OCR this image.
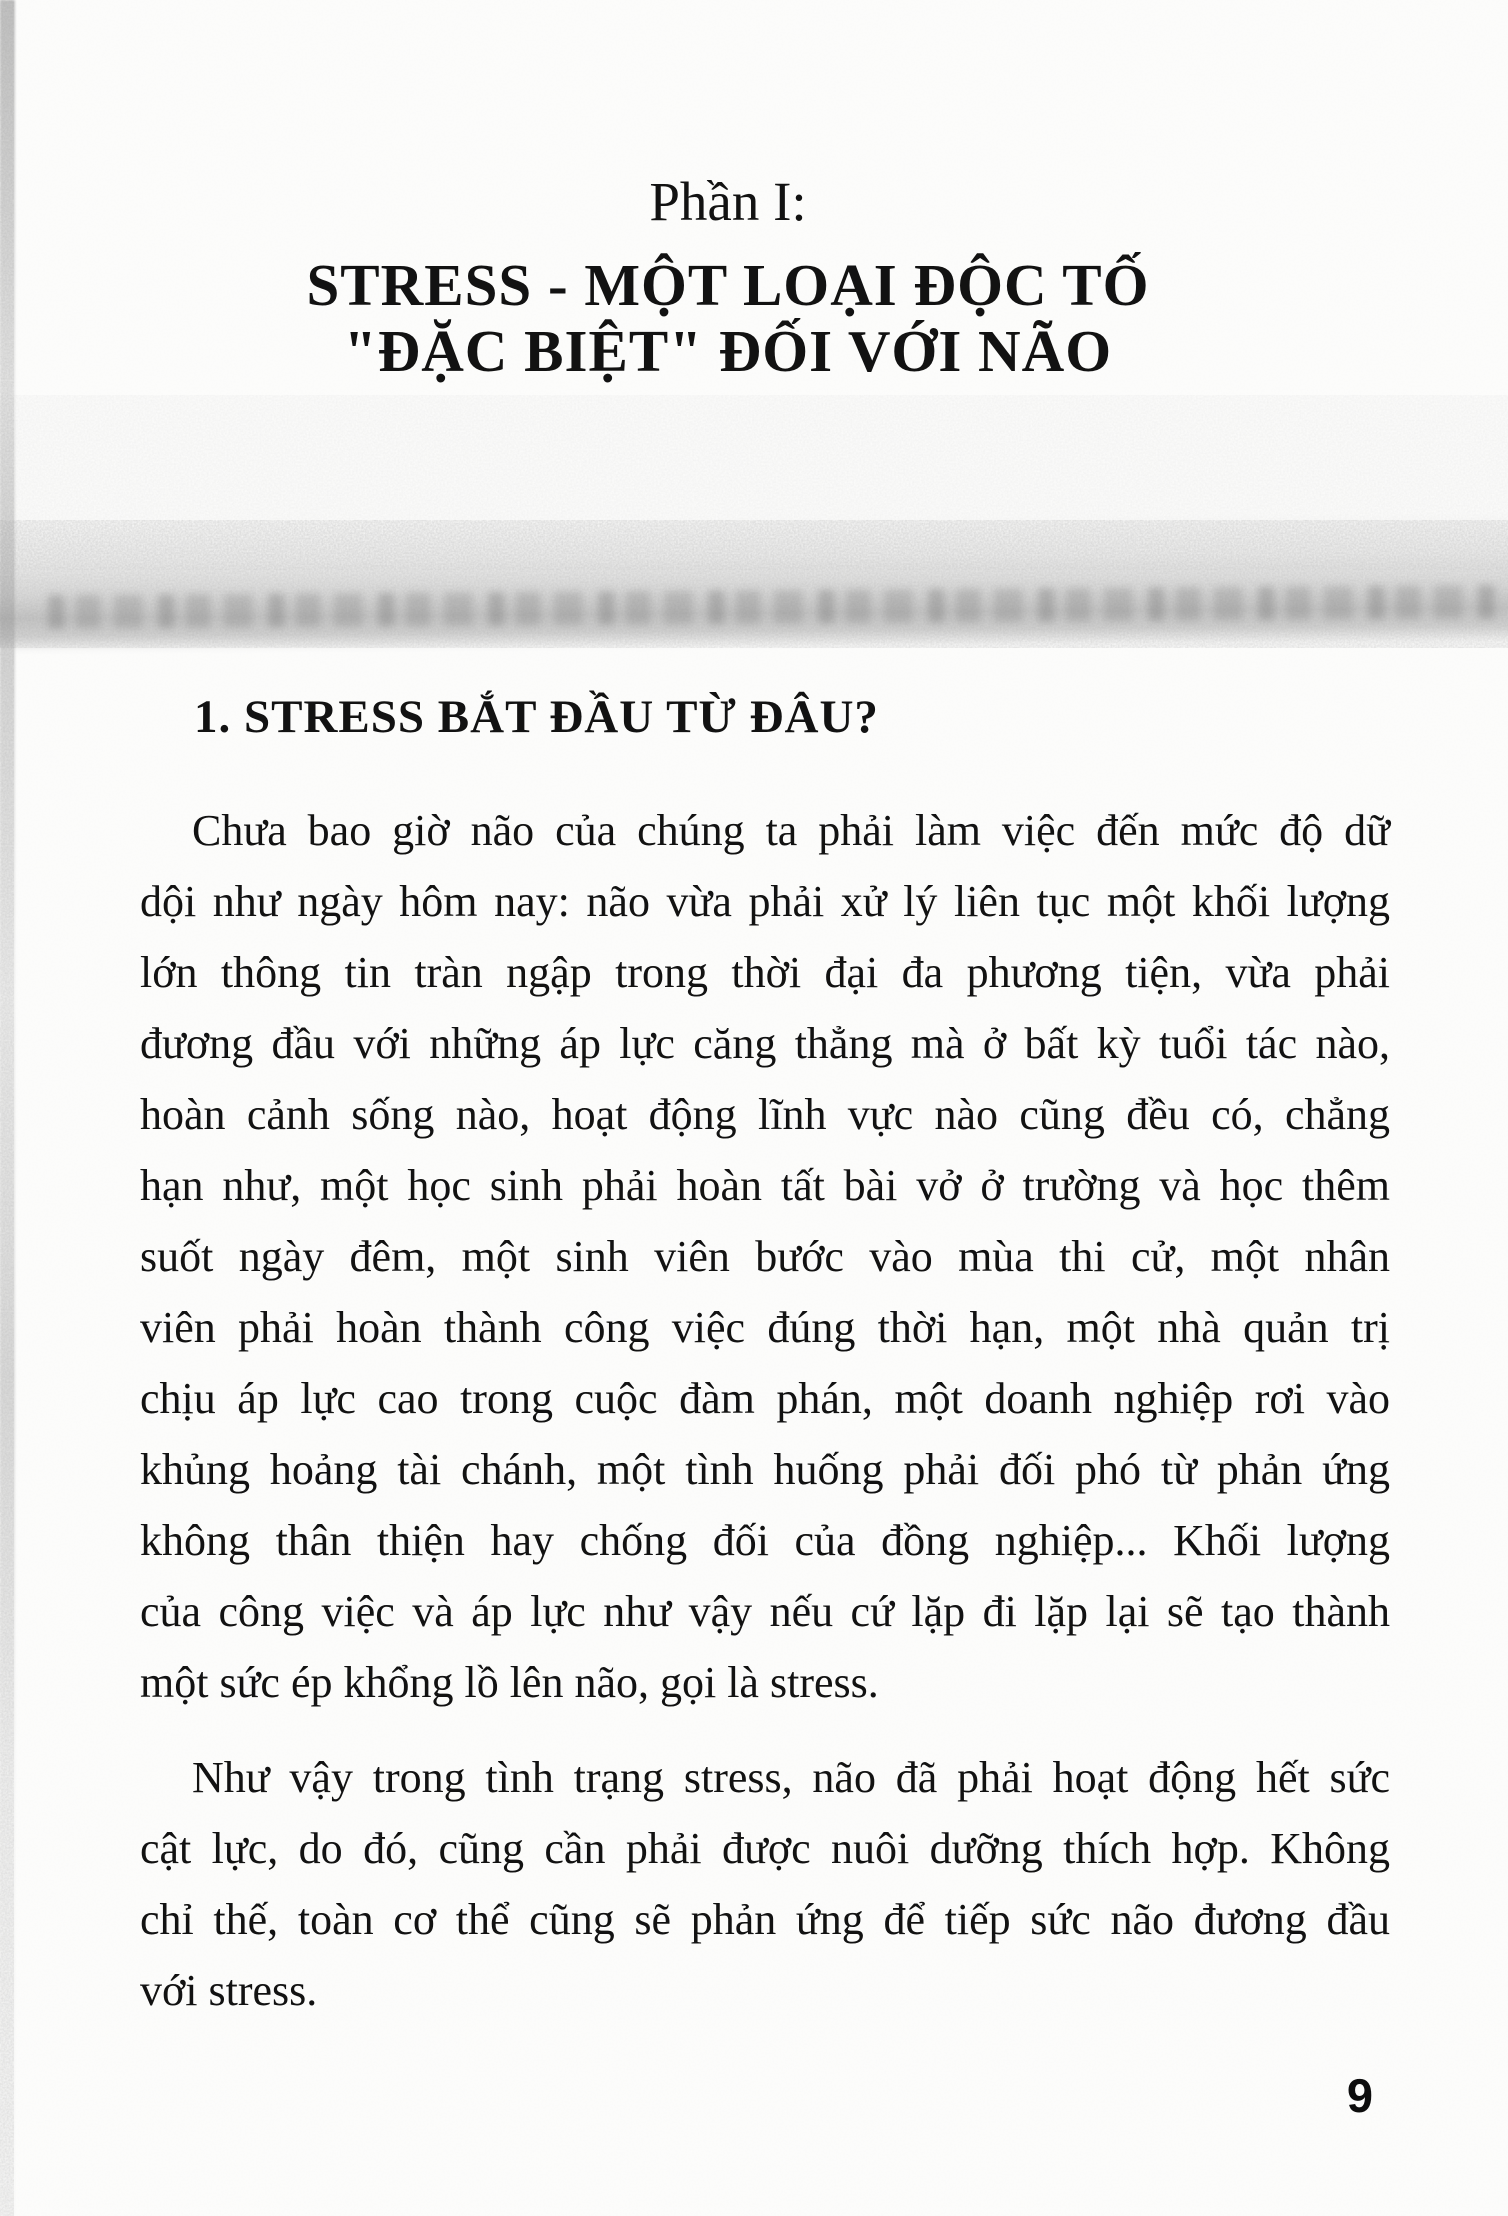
Phần I:
STRESS - MỘT LOẠI ĐỘC TỐ
"ĐẶC BIỆT" ĐỐI VỚI NÃO
1. STRESS BẮT ĐẦU TỪ ĐÂU?
Chưa bao giờ não của chúng ta phải làm việc đến mức độ dữ
dội như ngày hôm nay: não vừa phải xử lý liên tục một khối lượng
lớn thông tin tràn ngập trong thời đại đa phương tiện, vừa phải
đương đầu với những áp lực căng thẳng mà ở bất kỳ tuổi tác nào,
hoàn cảnh sống nào, hoạt động lĩnh vực nào cũng đều có, chẳng
hạn như, một học sinh phải hoàn tất bài vở ở trường và học thêm
suốt ngày đêm, một sinh viên bước vào mùa thi cử, một nhân
viên phải hoàn thành công việc đúng thời hạn, một nhà quản trị
chịu áp lực cao trong cuộc đàm phán, một doanh nghiệp rơi vào
khủng hoảng tài chánh, một tình huống phải đối phó từ phản ứng
không thân thiện hay chống đối của đồng nghiệp... Khối lượng
của công việc và áp lực như vậy nếu cứ lặp đi lặp lại sẽ tạo thành
một sức ép khổng lồ lên não, gọi là stress.
Như vậy trong tình trạng stress, não đã phải hoạt động hết sức
cật lực, do đó, cũng cần phải được nuôi dưỡng thích hợp. Không
chỉ thế, toàn cơ thể cũng sẽ phản ứng để tiếp sức não đương đầu
với stress.
9
